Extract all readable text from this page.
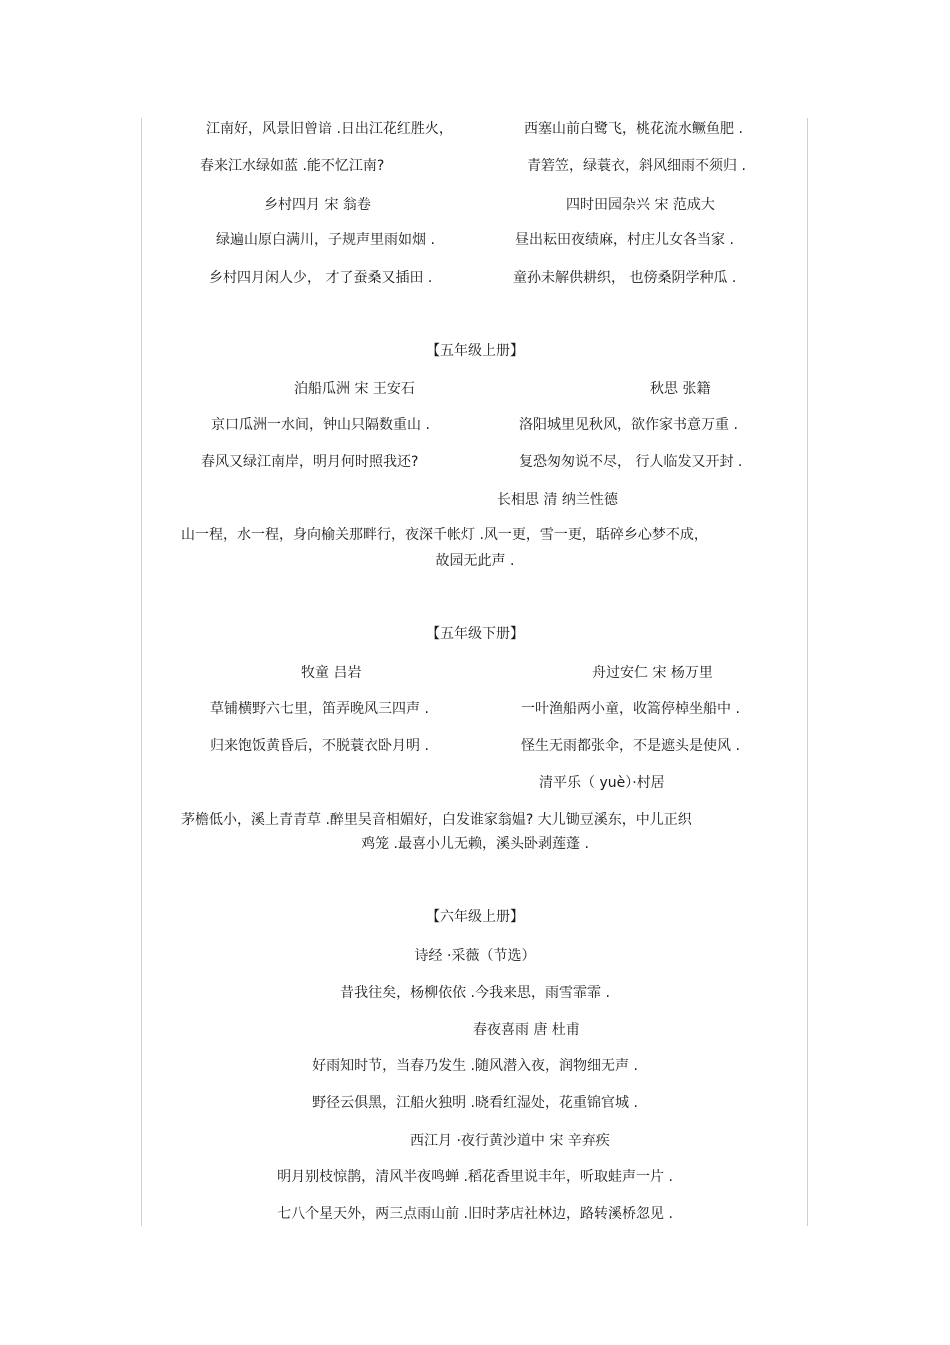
江南好，风景旧曾谙 .日出江花红胜火，	西塞山前白鹭飞，桃花流水鳜鱼肥 .
春来江水绿如蓝 .能不忆江南?	青箬笠，绿蓑衣，斜风细雨不须归 .
乡村四月 宋 翁卷	四时田园杂兴 宋 范成大
绿遍山原白满川，子规声里雨如烟 .	昼出耘田夜绩麻，村庄儿女各当家 .
乡村四月闲人少， 才了蚕桑又插田 .	童孙未解供耕织， 也傍桑阴学种瓜 .
【五年级上册】
泊船瓜洲 宋 王安石	秋思 张籍
京口瓜洲一水间，钟山只隔数重山 .	洛阳城里见秋风，欲作家书意万重 .
春风又绿江南岸，明月何时照我还?	复恐匆匆说不尽， 行人临发又开封 .
长相思 清 纳兰性德
山一程，水一程，身向榆关那畔行，夜深千帐灯 .风一更，雪一更，聒碎乡心梦不成，
故园无此声 .
【五年级下册】
牧童 吕岩	舟过安仁 宋 杨万里
草铺横野六七里，笛弄晚风三四声 .	一叶渔船两小童，收篙停棹坐船中 .
归来饱饭黄昏后，不脱蓑衣卧月明 .	怪生无雨都张伞，不是遮头是使风 .
清平乐（ yuè）·村居
茅檐低小，溪上青青草 .醉里吴音相媚好，白发谁家翁媪? 大儿锄豆溪东，中儿正织
鸡笼 .最喜小儿无赖，溪头卧剥莲蓬 .
【六年级上册】
诗经 ·采薇（节选）
昔我往矣，杨柳依依 .今我来思，雨雪霏霏 .
春夜喜雨 唐 杜甫
好雨知时节，当春乃发生 .随风潜入夜，润物细无声 .
野径云俱黑，江船火独明 .晓看红湿处，花重锦官城 .
西江月 ·夜行黄沙道中 宋 辛弃疾
明月别枝惊鹊，清风半夜鸣蝉 .稻花香里说丰年，听取蛙声一片 .
七八个星天外，两三点雨山前 .旧时茅店社林边，路转溪桥忽见 .
